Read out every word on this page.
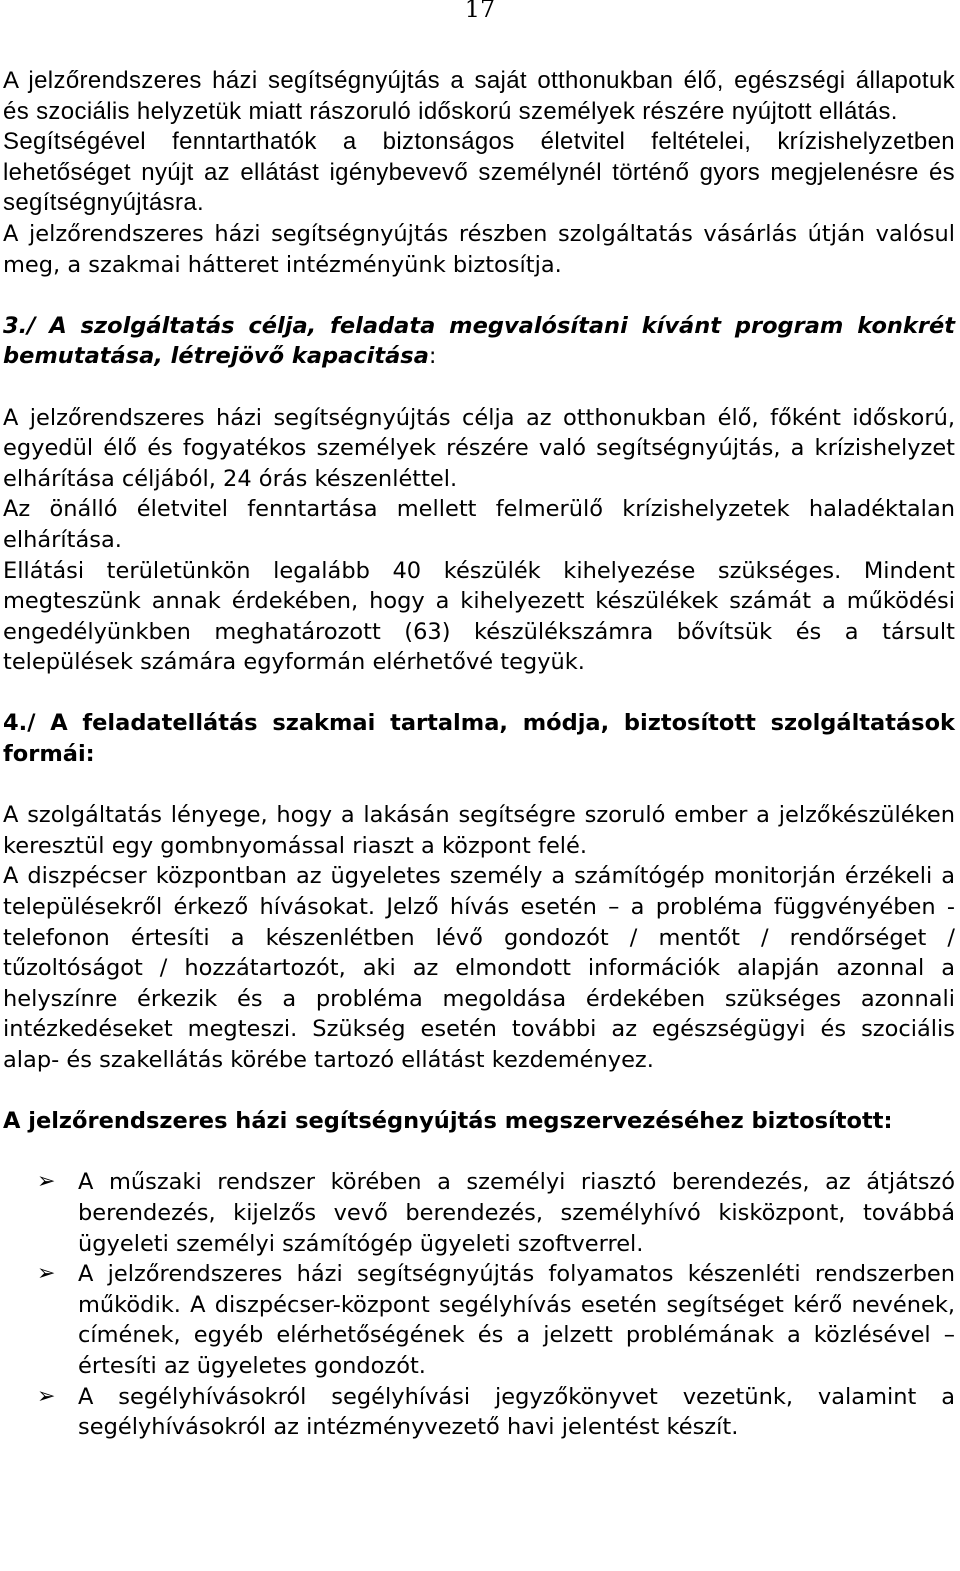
17

A jelzőrendszeres házi segítségnyújtás a saját otthonukban élő, egészségi állapotuk és szociális helyzetük miatt rászoruló időskorú személyek részére nyújtott ellátás.

Segítségével fenntarthatók a biztonságos életvitel feltételei, krízishelyzetben lehetőséget nyújt az ellátást igénybevevő személynél történő gyors megjelenésre és segítségnyújtásra.

A jelzőrendszeres házi segítségnyújtás részben szolgáltatás vásárlás útján valósul meg, a szakmai hátteret intézményünk biztosítja.

3./ A szolgáltatás célja, feladata megvalósítani kívánt program konkrét bemutatása, létrejövő kapacitása:

A jelzőrendszeres házi segítségnyújtás célja az otthonukban élő, főként időskorú, egyedül élő és fogyatékos személyek részére való segítségnyújtás, a krízishelyzet elhárítása céljából, 24 órás készenléttel.

Az önálló életvitel fenntartása mellett felmerülő krízishelyzetek haladéktalan elhárítása.

Ellátási területünkön legalább 40 készülék kihelyezése szükséges. Mindent megteszünk annak érdekében, hogy a kihelyezett készülékek számát a működési engedélyünkben meghatározott (63) készülékszámra bővítsük és a társult települések számára egyformán elérhetővé tegyük.

4./ A feladatellátás szakmai tartalma, módja, biztosított szolgáltatások formái:

A szolgáltatás lényege, hogy a lakásán segítségre szoruló ember a jelzőkészüléken keresztül egy gombnyomással riaszt a központ felé.

A diszpécser központban az ügyeletes személy a számítógép monitorján érzékeli a településekről érkező hívásokat. Jelző hívás esetén – a probléma függvényében - telefonon értesíti a készenlétben lévő gondozót / mentőt / rendőrséget / tűzoltóságot / hozzátartozót, aki az elmondott információk alapján azonnal a helyszínre érkezik és a probléma megoldása érdekében szükséges azonnali intézkedéseket megteszi. Szükség esetén további az egészségügyi és szociális alap- és szakellátás körébe tartozó ellátást kezdeményez.

A jelzőrendszeres házi segítségnyújtás megszervezéséhez biztosított:

➢ A műszaki rendszer körében a személyi riasztó berendezés, az átjátszó berendezés, kijelzős vevő berendezés, személyhívó kisközpont, továbbá ügyeleti személyi számítógép ügyeleti szoftverrel.
➢ A jelzőrendszeres házi segítségnyújtás folyamatos készenléti rendszerben működik. A diszpécser-központ segélyhívás esetén segítséget kérő nevének, címének, egyéb elérhetőségének és a jelzett problémának a közlésével – értesíti az ügyeletes gondozót.
➢ A segélyhívásokról segélyhívási jegyzőkönyvet vezetünk, valamint a segélyhívásokról az intézményvezető havi jelentést készít.
